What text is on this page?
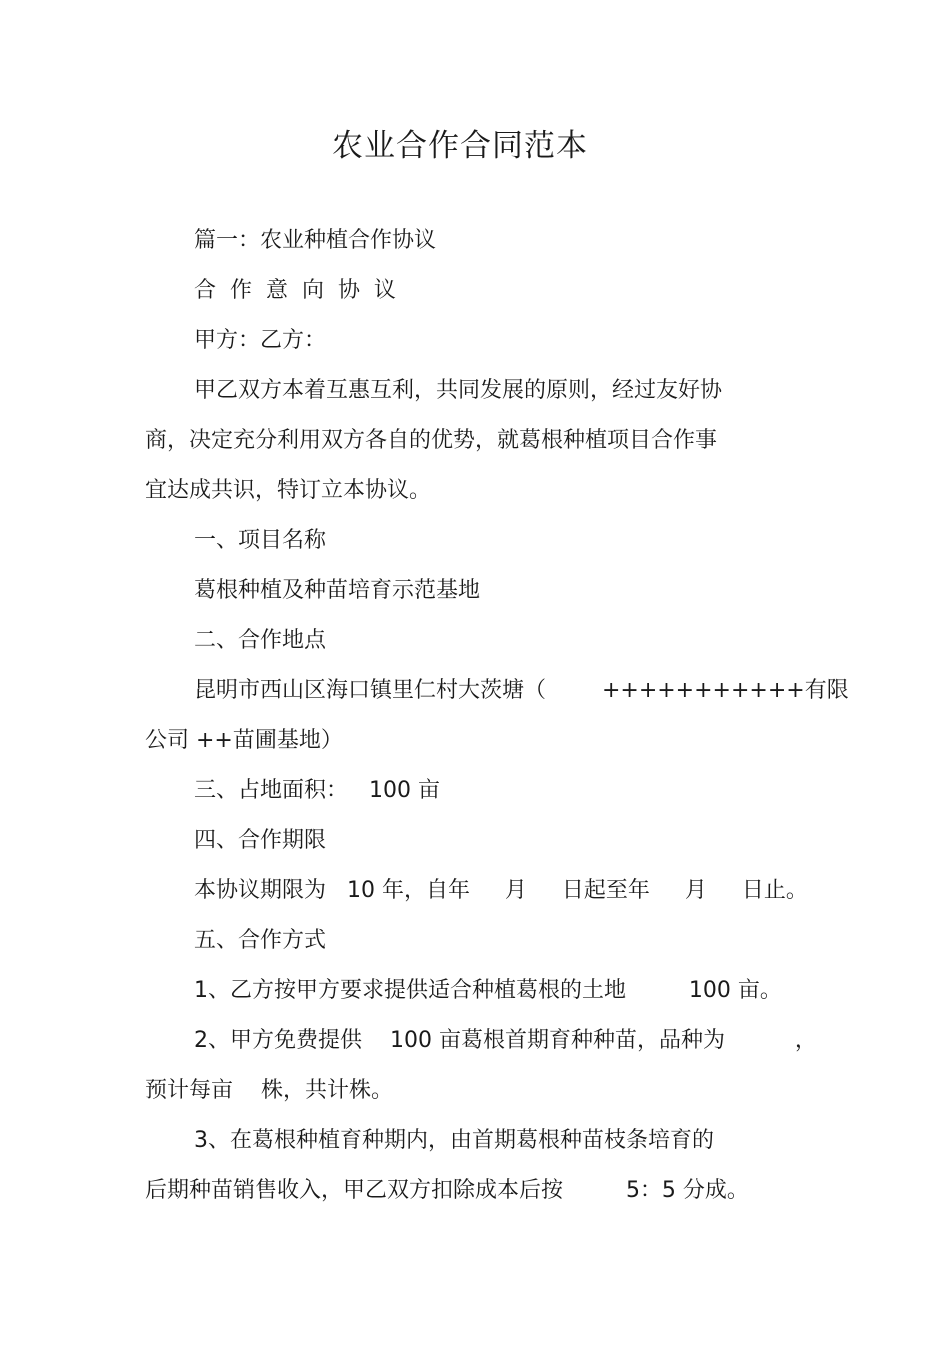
农业合作合同范本
篇一：农业种植合作协议
合  作  意  向  协  议
甲方：乙方：
甲乙双方本着互惠互利，共同发展的原则，经过友好协
商，决定充分利用双方各自的优势，就葛根种植项目合作事
宜达成共识，特订立本协议。
一、项目名称
葛根种植及种苗培育示范基地
二、合作地点
昆明市西山区海口镇里仁村大茨塘（        +++++++++++有限
公司 ++苗圃基地）
三、占地面积：   100 亩
四、合作期限
本协议期限为   10 年，自年     月     日起至年     月     日止。
五、合作方式
1、乙方按甲方要求提供适合种植葛根的土地         100 亩。
2、甲方免费提供    100 亩葛根首期育种种苗，品种为          ，
预计每亩    株，共计株。
3、在葛根种植育种期内，由首期葛根种苗枝条培育的
后期种苗销售收入，甲乙双方扣除成本后按         5：5 分成。
